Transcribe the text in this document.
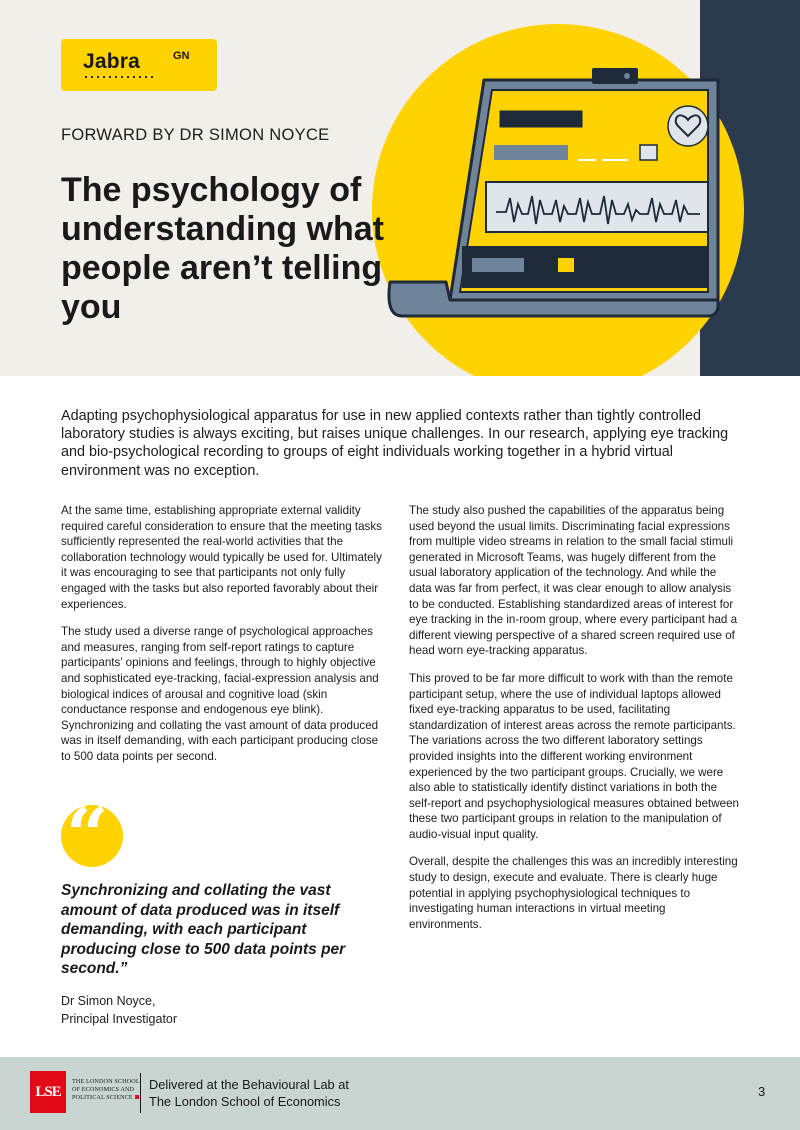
Jabra	GN
FORWARD BY DR SIMON NOYCE
The psychology of understanding what people aren’t telling you

Adapting psychophysiological apparatus for use in new applied contexts rather than tightly controlled laboratory studies is always exciting, but raises unique challenges. In our research, applying eye tracking and bio-psychological recording to groups of eight individuals working together in a hybrid virtual environment was no exception.

At the same time, establishing appropriate external validity required careful consideration to ensure that the meeting tasks sufficiently represented the real-world activities that the collaboration technology would typically be used for. Ultimately it was encouraging to see that participants not only fully engaged with the tasks but also reported favorably about their experiences.

The study used a diverse range of psychological approaches and measures, ranging from self-report ratings to capture participants’ opinions and feelings, through to highly objective and sophisticated eye-tracking, facial-expression analysis and biological indices of arousal and cognitive load (skin conductance response and endogenous eye blink). Synchronizing and collating the vast amount of data produced was in itself demanding, with each participant producing close to 500 data points per second.

“

Synchronizing and collating the vast amount of data produced was in itself demanding, with each participant producing close to 500 data points per second.”

Dr Simon Noyce,
Principal Investigator

The study also pushed the capabilities of the apparatus being used beyond the usual limits. Discriminating facial expressions from multiple video streams in relation to the small facial stimuli generated in Microsoft Teams, was hugely different from the usual laboratory application of the technology. And while the data was far from perfect, it was clear enough to allow analysis to be conducted. Establishing standardized areas of interest for eye tracking in the in-room group, where every participant had a different viewing perspective of a shared screen required use of head worn eye-tracking apparatus.

This proved to be far more difficult to work with than the remote participant setup, where the use of individual laptops allowed fixed eye-tracking apparatus to be used, facilitating standardization of interest areas across the remote participants. The variations across the two different laboratory settings provided insights into the different working environment experienced by the two participant groups. Crucially, we were also able to statistically identify distinct variations in both the self-report and psychophysiological measures obtained between these two participant groups in relation to the manipulation of audio-visual input quality.

Overall, despite the challenges this was an incredibly interesting study to design, execute and evaluate. There is clearly huge potential in applying psychophysiological techniques to investigating human interactions in virtual meeting environments.

LSE
THE LONDON SCHOOL
OF ECONOMICS AND
POLITICAL SCIENCE
Delivered at the Behavioural Lab at
The London School of Economics
3
